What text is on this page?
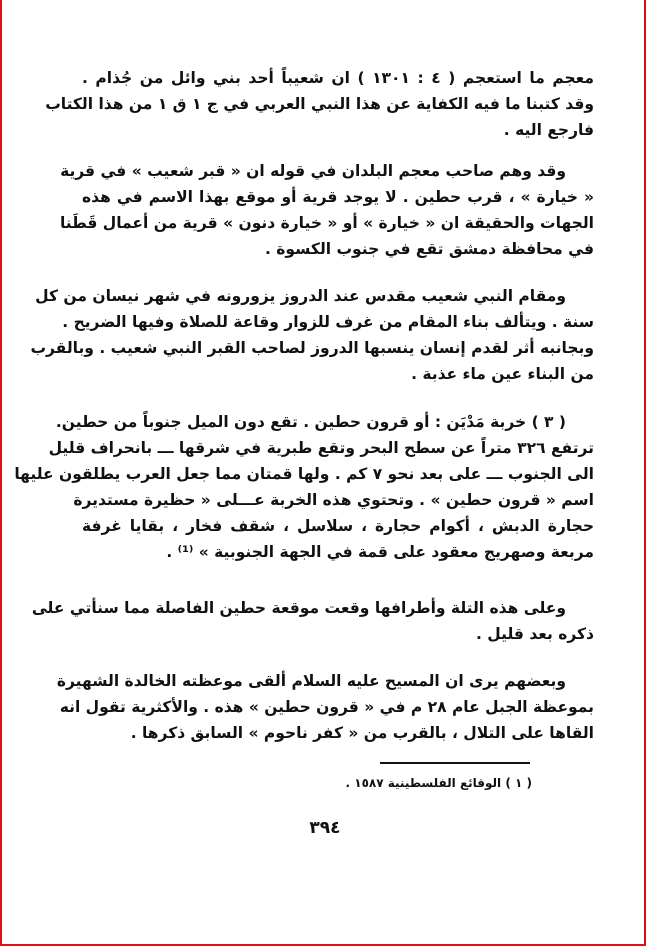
معجم ما استعجم ( ٤ : ١٣٠١ ) ان شعيباً أحد بني وائل من جُذام .
وقد كتبنا ما فيه الكفاية عن هذا النبي العربي في ج ١ ق ١ من هذا الكتاب
فارجع اليه .
وقد وهم صاحب معجم البلدان في قوله ان « قبر شعيب » في قرية
« خيارة » ، قرب حطين . لا يوجد قرية أو موقع بهذا الاسم في هذه
الجهات والحقيقة ان « خيارة » أو « خيارة دنون » قرية من أعمال قَطَنا
في محافظة دمشق تقع في جنوب الكسوة .
ومقام النبي شعيب مقدس عند الدروز يزورونه في شهر نيسان من كل
سنة . ويتألف بناء المقام من غرف للزوار وقاعة للصلاة وفيها الضريح .
وبجانبه أثر لقدم إنسان ينسبها الدروز لصاحب القبر النبي شعيب . وبالقرب
من البناء عين ماء عذبة .
( ٣ ) خربة مَدْيَن : أو قرون حطين . تقع دون الميل جنوباً من حطين.
ترتفع ٣٢٦ متراً عن سطح البحر وتقع طبرية في شرقها ـــ بانحراف قليل
الى الجنوب ـــ على بعد نحو ٧ كم . ولها قمتان مما جعل العرب يطلقون عليها
اسم « قرون حطين » . وتحتوي هذه الخربة عـــلى « حظيرة مستديرة
حجارة الدبش ، أكوام حجارة ، سلاسل ، شقف فخار ، بقايا غرفة
مربعة وصهريج معقود على قمة في الجهة الجنوبية » ⁽¹⁾ .
وعلى هذه التلة وأطرافها وقعت موقعة حطين الفاصلة مما سنأتي على
ذكره بعد قليل .
وبعضهم يرى ان المسيح عليه السلام ألقى موعظته الخالدة الشهيرة
بموعظة الجبل عام ٢٨ م في « قرون حطين » هذه . والأكثرية تقول انه
القاها على التلال ، بالقرب من « كفر ناحوم » السابق ذكرها .
( ١ ) الوقائع الفلسطينية ١٥٨٧ .
٣٩٤
